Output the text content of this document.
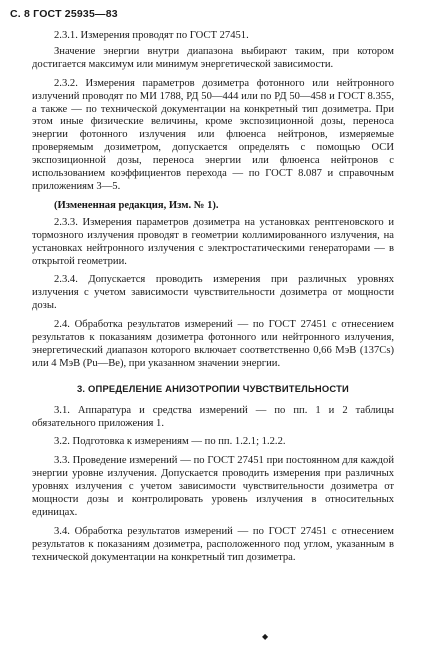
С. 8 ГОСТ 25935—83

2.3.1. Измерения проводят по ГОСТ 27451.

Значение энергии внутри диапазона выбирают таким, при котором достигается максимум или минимум энергетической зависимости.

2.3.2. Измерения параметров дозиметра фотонного или нейтронного излучений проводят по МИ 1788, РД 50—444 или по РД 50—458 и ГОСТ 8.355, а также — по технической документации на конкретный тип дозиметра. При этом иные физические величины, кроме экспозиционной дозы, переноса энергии фотонного излучения или флюенса нейтронов, измеряемые проверяемым дозиметром, допускается определять с помощью ОСИ экспозиционной дозы, переноса энергии или флюенса нейтронов с использованием коэффициентов перехода — по ГОСТ 8.087 и справочным приложениям 3—5.

(Измененная редакция, Изм. № 1).

2.3.3. Измерения параметров дозиметра на установках рентгеновского и тормозного излучения проводят в геометрии коллимированного излучения, на установках нейтронного излучения с электростатическими генераторами — в открытой геометрии.

2.3.4. Допускается проводить измерения при различных уровнях излучения с учетом зависимости чувствительности дозиметра от мощности дозы.

2.4. Обработка результатов измерений — по ГОСТ 27451 с отнесением результатов к показаниям дозиметра фотонного или нейтронного излучения, энергетический диапазон которого включает соответственно 0,66 МэВ (137Cs) или 4 МэВ (Pu—Be), при указанном значении энергии.

3. ОПРЕДЕЛЕНИЕ АНИЗОТРОПИИ ЧУВСТВИТЕЛЬНОСТИ

3.1. Аппаратура и средства измерений — по пп. 1 и 2 таблицы обязательного приложения 1.

3.2. Подготовка к измерениям — по пп. 1.2.1; 1.2.2.

3.3. Проведение измерений — по ГОСТ 27451 при постоянном для каждой энергии уровне излучения. Допускается проводить измерения при различных уровнях излучения с учетом зависимости чувствительности дозиметра от мощности дозы и контролировать уровень излучения в относительных единицах.

3.4. Обработка результатов измерений — по ГОСТ 27451 с отнесением результатов к показаниям дозиметра, расположенного под углом, указанным в технической документации на конкретный тип дозиметра.

◆
